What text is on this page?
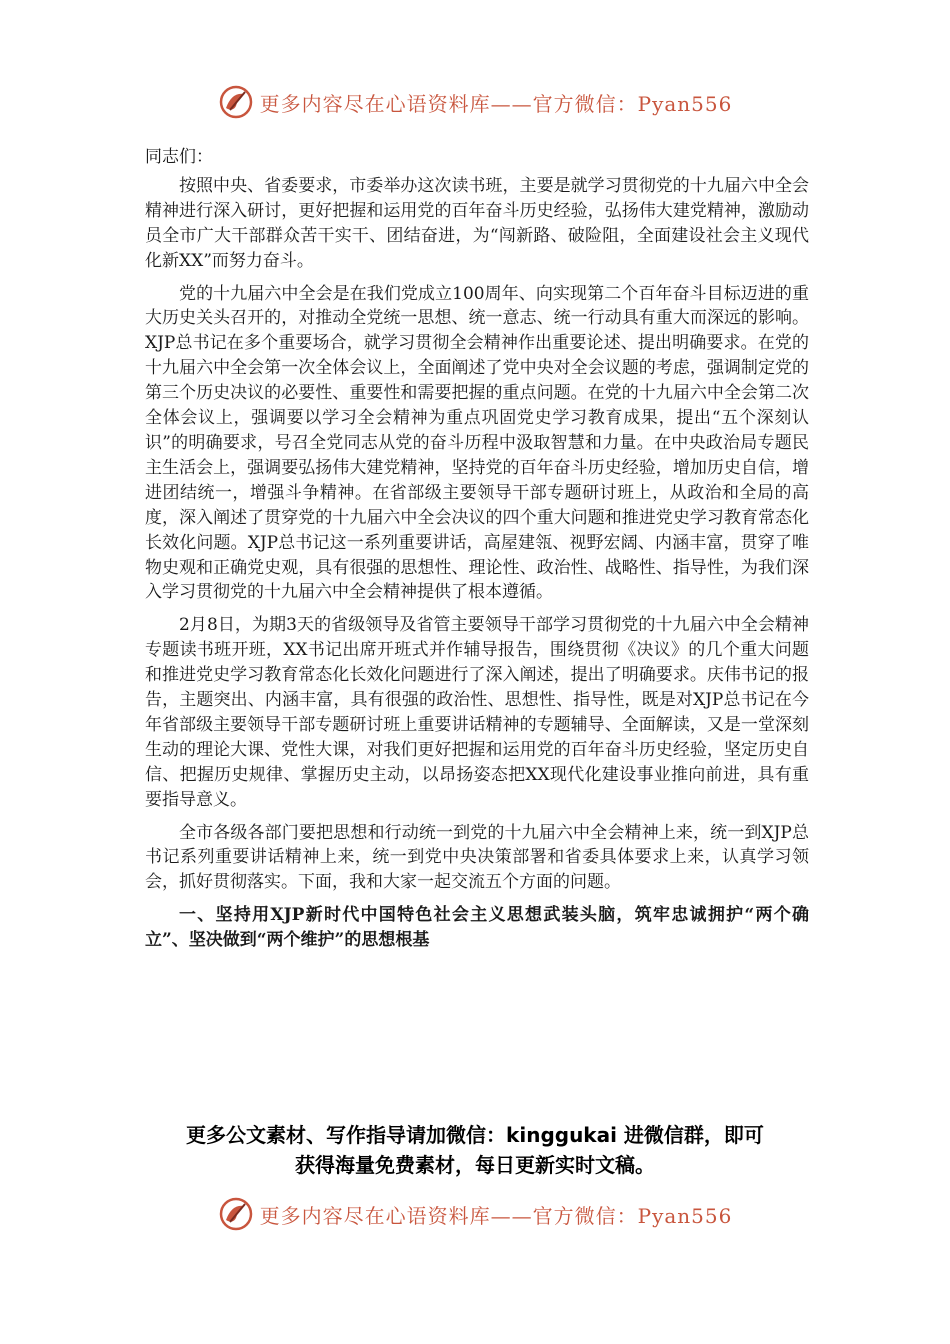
更多内容尽在心语资料库——官方微信：Pyan556

同志们：

按照中央、省委要求，市委举办这次读书班，主要是就学习贯彻党的十九届六中全会精神进行深入研讨，更好把握和运用党的百年奋斗历史经验，弘扬伟大建党精神，激励动员全市广大干部群众苦干实干、团结奋进，为“闯新路、破险阻，全面建设社会主义现代化新XX”而努力奋斗。

党的十九届六中全会是在我们党成立100周年、向实现第二个百年奋斗目标迈进的重大历史关头召开的，对推动全党统一思想、统一意志、统一行动具有重大而深远的影响。XJP总书记在多个重要场合，就学习贯彻全会精神作出重要论述、提出明确要求。在党的十九届六中全会第一次全体会议上，全面阐述了党中央对全会议题的考虑，强调制定党的第三个历史决议的必要性、重要性和需要把握的重点问题。在党的十九届六中全会第二次全体会议上，强调要以学习全会精神为重点巩固党史学习教育成果，提出“五个深刻认识”的明确要求，号召全党同志从党的奋斗历程中汲取智慧和力量。在中央政治局专题民主生活会上，强调要弘扬伟大建党精神，坚持党的百年奋斗历史经验，增加历史自信，增进团结统一，增强斗争精神。在省部级主要领导干部专题研讨班上，从政治和全局的高度，深入阐述了贯穿党的十九届六中全会决议的四个重大问题和推进党史学习教育常态化长效化问题。XJP总书记这一系列重要讲话，高屋建瓴、视野宏阔、内涵丰富，贯穿了唯物史观和正确党史观，具有很强的思想性、理论性、政治性、战略性、指导性，为我们深入学习贯彻党的十九届六中全会精神提供了根本遵循。

2月8日，为期3天的省级领导及省管主要领导干部学习贯彻党的十九届六中全会精神专题读书班开班，XX书记出席开班式并作辅导报告，围绕贯彻《决议》的几个重大问题和推进党史学习教育常态化长效化问题进行了深入阐述，提出了明确要求。庆伟书记的报告，主题突出、内涵丰富，具有很强的政治性、思想性、指导性，既是对XJP总书记在今年省部级主要领导干部专题研讨班上重要讲话精神的专题辅导、全面解读，又是一堂深刻生动的理论大课、党性大课，对我们更好把握和运用党的百年奋斗历史经验，坚定历史自信、把握历史规律、掌握历史主动，以昂扬姿态把XX现代化建设事业推向前进，具有重要指导意义。

全市各级各部门要把思想和行动统一到党的十九届六中全会精神上来，统一到XJP总书记系列重要讲话精神上来，统一到党中央决策部署和省委具体要求上来，认真学习领会，抓好贯彻落实。下面，我和大家一起交流五个方面的问题。

一、坚持用XJP新时代中国特色社会主义思想武装头脑，筑牢忠诚拥护“两个确立”、坚决做到“两个维护”的思想根基

更多公文素材、写作指导请加微信：kinggukai 进微信群，即可
获得海量免费素材，每日更新实时文稿。
更多内容尽在心语资料库——官方微信：Pyan556
